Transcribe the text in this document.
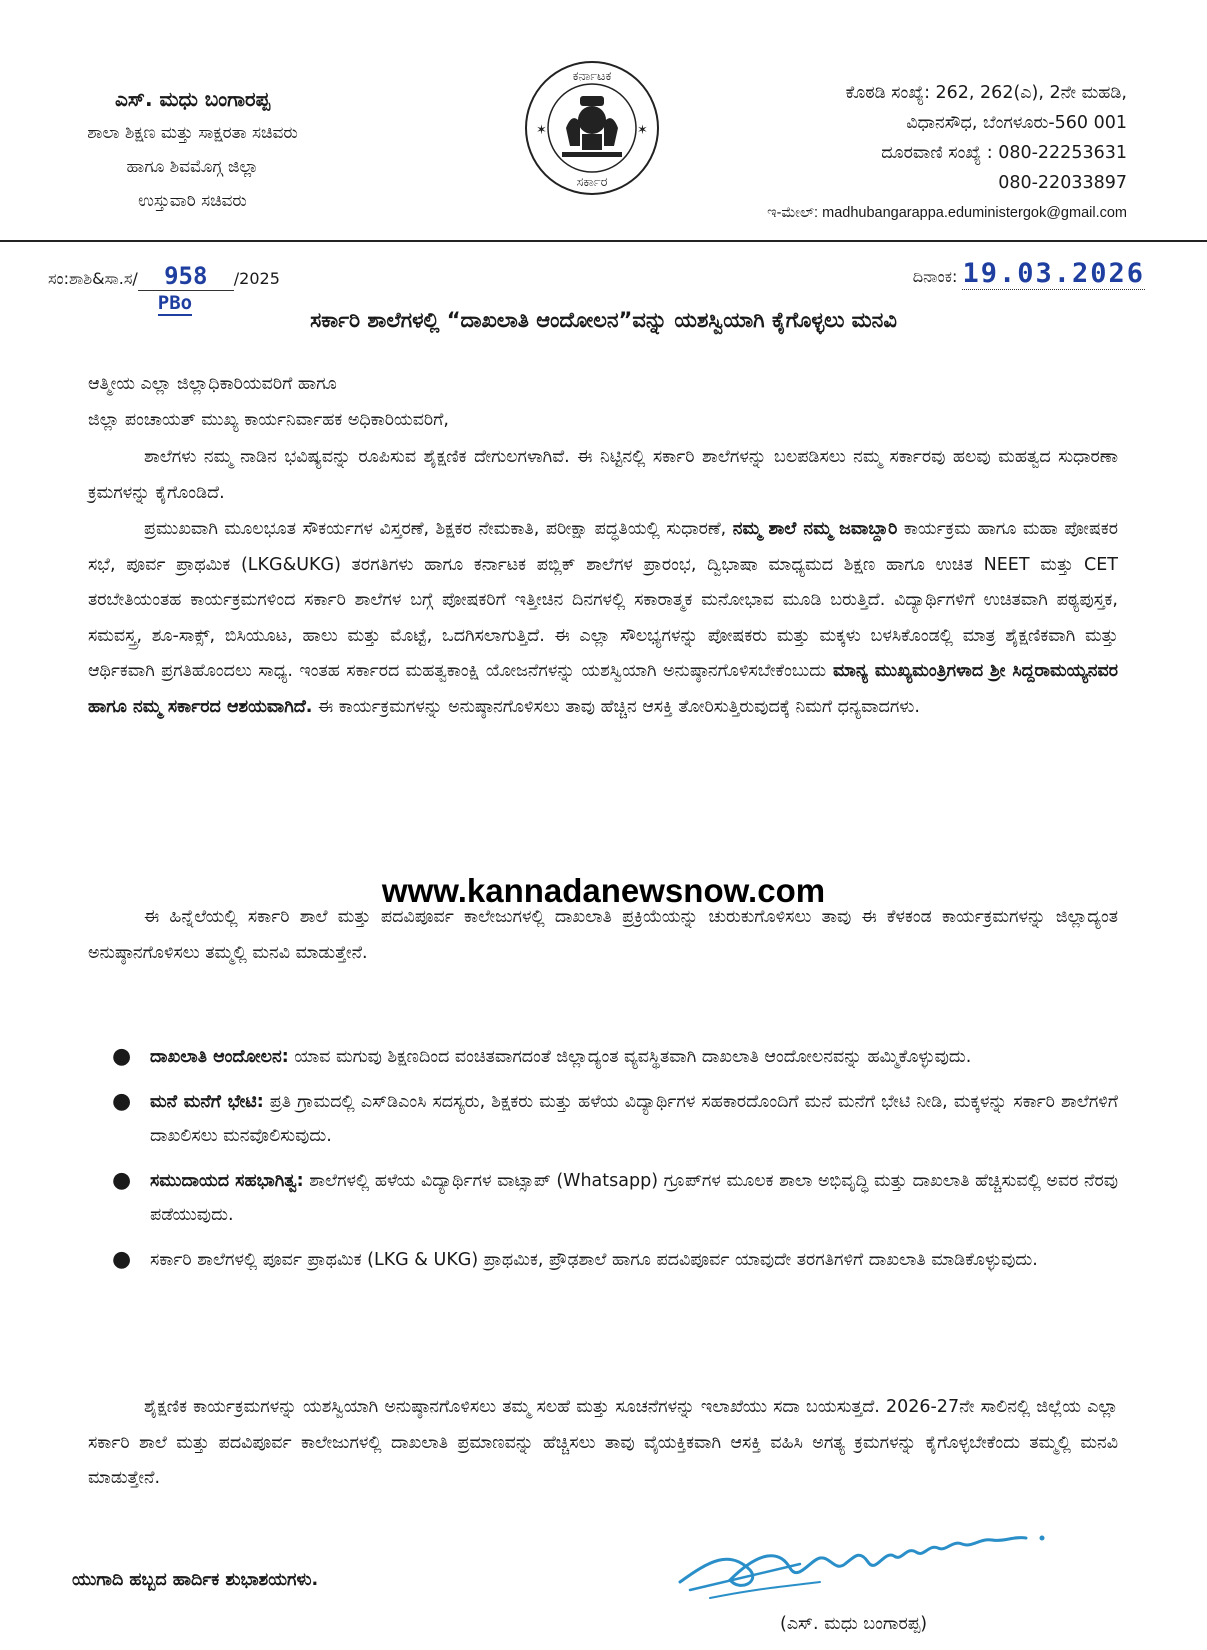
ಎಸ್. ಮಧು ಬಂಗಾರಪ್ಪ
ಶಾಲಾ ಶಿಕ್ಷಣ ಮತ್ತು ಸಾಕ್ಷರತಾ ಸಚಿವರು
ಹಾಗೂ ಶಿವಮೊಗ್ಗ ಜಿಲ್ಲಾ
ಉಸ್ತುವಾರಿ ಸಚಿವರು
ಕರ್ನಾಟಕ
ಸರ್ಕಾರ
✶	✶
ಕೊಠಡಿ ಸಂಖ್ಯೆ: 262, 262(ಎ), 2ನೇ ಮಹಡಿ,
ವಿಧಾನಸೌಧ, ಬೆಂಗಳೂರು-560 001
ದೂರವಾಣಿ ಸಂಖ್ಯೆ : 080-22253631
080-22033897
ಇ-ಮೇಲ್: madhubangarappa.eduministergok@gmail.com
ಸಂ:ಶಾಶಿ&ಸಾ.ಸ/ 958
PBo
/2025	ದಿನಾಂಕ: 19.03.2026
ಸರ್ಕಾರಿ ಶಾಲೆಗಳಲ್ಲಿ “ದಾಖಲಾತಿ ಆಂದೋಲನ”ವನ್ನು ಯಶಸ್ವಿಯಾಗಿ ಕೈಗೊಳ್ಳಲು ಮನವಿ
ಆತ್ಮೀಯ ಎಲ್ಲಾ ಜಿಲ್ಲಾಧಿಕಾರಿಯವರಿಗೆ ಹಾಗೂ
ಜಿಲ್ಲಾ ಪಂಚಾಯತ್ ಮುಖ್ಯ ಕಾರ್ಯನಿರ್ವಾಹಕ ಅಧಿಕಾರಿಯವರಿಗೆ,

ಶಾಲೆಗಳು ನಮ್ಮ ನಾಡಿನ ಭವಿಷ್ಯವನ್ನು ರೂಪಿಸುವ ಶೈಕ್ಷಣಿಕ ದೇಗುಲಗಳಾಗಿವೆ. ಈ ನಿಟ್ಟಿನಲ್ಲಿ ಸರ್ಕಾರಿ ಶಾಲೆಗಳನ್ನು ಬಲಪಡಿಸಲು ನಮ್ಮ ಸರ್ಕಾರವು ಹಲವು ಮಹತ್ವದ ಸುಧಾರಣಾ ಕ್ರಮಗಳನ್ನು ಕೈಗೊಂಡಿದೆ.

ಪ್ರಮುಖವಾಗಿ ಮೂಲಭೂತ ಸೌಕರ್ಯಗಳ ವಿಸ್ತರಣೆ, ಶಿಕ್ಷಕರ ನೇಮಕಾತಿ, ಪರೀಕ್ಷಾ ಪದ್ಧತಿಯಲ್ಲಿ ಸುಧಾರಣೆ, ನಮ್ಮ ಶಾಲೆ ನಮ್ಮ ಜವಾಬ್ದಾರಿ ಕಾರ್ಯಕ್ರಮ ಹಾಗೂ ಮಹಾ ಪೋಷಕರ ಸಭೆ, ಪೂರ್ವ ಪ್ರಾಥಮಿಕ (LKG&UKG) ತರಗತಿಗಳು ಹಾಗೂ ಕರ್ನಾಟಕ ಪಬ್ಲಿಕ್ ಶಾಲೆಗಳ ಪ್ರಾರಂಭ, ದ್ವಿಭಾಷಾ ಮಾಧ್ಯಮದ ಶಿಕ್ಷಣ ಹಾಗೂ ಉಚಿತ NEET ಮತ್ತು CET ತರಬೇತಿಯಂತಹ ಕಾರ್ಯಕ್ರಮಗಳಿಂದ ಸರ್ಕಾರಿ ಶಾಲೆಗಳ ಬಗ್ಗೆ ಪೋಷಕರಿಗೆ ಇತ್ತೀಚಿನ ದಿನಗಳಲ್ಲಿ ಸಕಾರಾತ್ಮಕ ಮನೋಭಾವ ಮೂಡಿ ಬರುತ್ತಿದೆ. ವಿದ್ಯಾರ್ಥಿಗಳಿಗೆ ಉಚಿತವಾಗಿ ಪಠ್ಯಪುಸ್ತಕ, ಸಮವಸ್ತ್ರ, ಶೂ-ಸಾಕ್ಸ್, ಬಿಸಿಯೂಟ, ಹಾಲು ಮತ್ತು ಮೊಟ್ಟೆ, ಒದಗಿಸಲಾಗುತ್ತಿದೆ. ಈ ಎಲ್ಲಾ ಸೌಲಭ್ಯಗಳನ್ನು ಪೋಷಕರು ಮತ್ತು ಮಕ್ಕಳು ಬಳಸಿಕೊಂಡಲ್ಲಿ ಮಾತ್ರ ಶೈಕ್ಷಣಿಕವಾಗಿ ಮತ್ತು ಆರ್ಥಿಕವಾಗಿ ಪ್ರಗತಿಹೊಂದಲು ಸಾಧ್ಯ. ಇಂತಹ ಸರ್ಕಾರದ ಮಹತ್ವಕಾಂಕ್ಷಿ ಯೋಜನೆಗಳನ್ನು ಯಶಸ್ವಿಯಾಗಿ ಅನುಷ್ಠಾನಗೊಳಿಸಬೇಕೆಂಬುದು ಮಾನ್ಯ ಮುಖ್ಯಮಂತ್ರಿಗಳಾದ ಶ್ರೀ ಸಿದ್ದರಾಮಯ್ಯನವರ ಹಾಗೂ ನಮ್ಮ ಸರ್ಕಾರದ ಆಶಯವಾಗಿದೆ. ಈ ಕಾರ್ಯಕ್ರಮಗಳನ್ನು ಅನುಷ್ಠಾನಗೊಳಿಸಲು ತಾವು ಹೆಚ್ಚಿನ ಆಸಕ್ತಿ ತೋರಿಸುತ್ತಿರುವುದಕ್ಕೆ ನಿಮಗೆ ಧನ್ಯವಾದಗಳು.

www.kannadanewsnow.com

ಈ ಹಿನ್ನೆಲೆಯಲ್ಲಿ ಸರ್ಕಾರಿ ಶಾಲೆ ಮತ್ತು ಪದವಿಪೂರ್ವ ಕಾಲೇಜುಗಳಲ್ಲಿ ದಾಖಲಾತಿ ಪ್ರಕ್ರಿಯೆಯನ್ನು ಚುರುಕುಗೊಳಿಸಲು ತಾವು ಈ ಕೆಳಕಂಡ ಕಾರ್ಯಕ್ರಮಗಳನ್ನು ಜಿಲ್ಲಾದ್ಯಂತ ಅನುಷ್ಠಾನಗೊಳಿಸಲು ತಮ್ಮಲ್ಲಿ ಮನವಿ ಮಾಡುತ್ತೇನೆ.

● ದಾಖಲಾತಿ ಆಂದೋಲನ: ಯಾವ ಮಗುವು ಶಿಕ್ಷಣದಿಂದ ವಂಚಿತವಾಗದಂತೆ ಜಿಲ್ಲಾದ್ಯಂತ ವ್ಯವಸ್ಥಿತವಾಗಿ ದಾಖಲಾತಿ ಆಂದೋಲನವನ್ನು ಹಮ್ಮಿಕೊಳ್ಳುವುದು.
● ಮನೆ ಮನೆಗೆ ಭೇಟಿ: ಪ್ರತಿ ಗ್ರಾಮದಲ್ಲಿ ಎಸ್‌ಡಿಎಂಸಿ ಸದಸ್ಯರು, ಶಿಕ್ಷಕರು ಮತ್ತು ಹಳೆಯ ವಿದ್ಯಾರ್ಥಿಗಳ ಸಹಕಾರದೊಂದಿಗೆ ಮನೆ ಮನೆಗೆ ಭೇಟಿ ನೀಡಿ, ಮಕ್ಕಳನ್ನು ಸರ್ಕಾರಿ ಶಾಲೆಗಳಿಗೆ ದಾಖಲಿಸಲು ಮನವೊಲಿಸುವುದು.
● ಸಮುದಾಯದ ಸಹಭಾಗಿತ್ವ: ಶಾಲೆಗಳಲ್ಲಿ ಹಳೆಯ ವಿದ್ಯಾರ್ಥಿಗಳ ವಾಟ್ಸಾಪ್ (Whatsapp) ಗ್ರೂಪ್‌ಗಳ ಮೂಲಕ ಶಾಲಾ ಅಭಿವೃದ್ಧಿ ಮತ್ತು ದಾಖಲಾತಿ ಹೆಚ್ಚಿಸುವಲ್ಲಿ ಅವರ ನೆರವು ಪಡೆಯುವುದು.
● ಸರ್ಕಾರಿ ಶಾಲೆಗಳಲ್ಲಿ ಪೂರ್ವ ಪ್ರಾಥಮಿಕ (LKG & UKG) ಪ್ರಾಥಮಿಕ, ಪ್ರೌಢಶಾಲೆ ಹಾಗೂ ಪದವಿಪೂರ್ವ ಯಾವುದೇ ತರಗತಿಗಳಿಗೆ ದಾಖಲಾತಿ ಮಾಡಿಕೊಳ್ಳುವುದು.

ಶೈಕ್ಷಣಿಕ ಕಾರ್ಯಕ್ರಮಗಳನ್ನು ಯಶಸ್ವಿಯಾಗಿ ಅನುಷ್ಠಾನಗೊಳಿಸಲು ತಮ್ಮ ಸಲಹೆ ಮತ್ತು ಸೂಚನೆಗಳನ್ನು ಇಲಾಖೆಯು ಸದಾ ಬಯಸುತ್ತದೆ. 2026-27ನೇ ಸಾಲಿನಲ್ಲಿ ಜಿಲ್ಲೆಯ ಎಲ್ಲಾ ಸರ್ಕಾರಿ ಶಾಲೆ ಮತ್ತು ಪದವಿಪೂರ್ವ ಕಾಲೇಜುಗಳಲ್ಲಿ ದಾಖಲಾತಿ ಪ್ರಮಾಣವನ್ನು ಹೆಚ್ಚಿಸಲು ತಾವು ವೈಯಕ್ತಿಕವಾಗಿ ಆಸಕ್ತಿ ವಹಿಸಿ ಅಗತ್ಯ ಕ್ರಮಗಳನ್ನು ಕೈಗೊಳ್ಳಬೇಕೆಂದು ತಮ್ಮಲ್ಲಿ ಮನವಿ ಮಾಡುತ್ತೇನೆ.

ಯುಗಾದಿ ಹಬ್ಬದ ಹಾರ್ದಿಕ ಶುಭಾಶಯಗಳು.
(ಎಸ್. ಮಧು ಬಂಗಾರಪ್ಪ)
